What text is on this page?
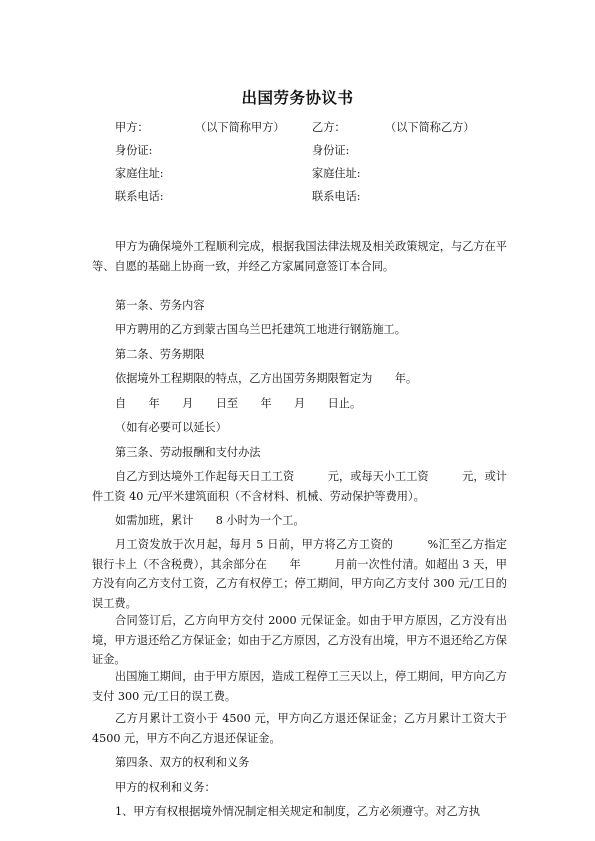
出国劳务协议书
甲方：	（以下简称甲方） 乙方：	（以下简称乙方）
身份证:	身份证:
家庭住址:	家庭住址:
联系电话:	联系电话:
甲方为确保境外工程顺利完成，根据我国法律法规及相关政策规定，与乙方在平等、自愿的基础上协商一致，并经乙方家属同意签订本合同。
第一条、劳务内容
甲方聘用的乙方到蒙古国乌兰巴托建筑工地进行钢筋施工。
第二条、劳务期限
依据境外工程期限的特点，乙方出国劳务期限暂定为　　年。
自　　年　　月　　日至　　年　　月　　日止。
（如有必要可以延长）
第三条、劳动报酬和支付办法
自乙方到达境外工作起每天日工工资　　　元，或每天小工工资　　　元，或计件工资 40 元/平米建筑面积（不含材料、机械、劳动保护等费用）。
如需加班，累计　　8 小时为一个工。
月工资发放于次月起，每月 5 日前，甲方将乙方工资的　　　%汇至乙方指定银行卡上（不含税费），其余部分在　　年　　　月前一次性付清。如超出 3 天，甲方没有向乙方支付工资，乙方有权停工；停工期间，甲方向乙方支付 300 元/工日的误工费。
合同签订后，乙方向甲方交付 2000 元保证金。如由于甲方原因，乙方没有出境，甲方退还给乙方保证金；如由于乙方原因，乙方没有出境，甲方不退还给乙方保证金。
出国施工期间，由于甲方原因，造成工程停工三天以上，停工期间，甲方向乙方支付 300 元/工日的误工费。
乙方月累计工资小于 4500 元，甲方向乙方退还保证金；乙方月累计工资大于 4500 元，甲方不向乙方退还保证金。
第四条、双方的权利和义务
甲方的权利和义务：
1、甲方有权根据境外情况制定相关规定和制度，乙方必须遵守。对乙方执
